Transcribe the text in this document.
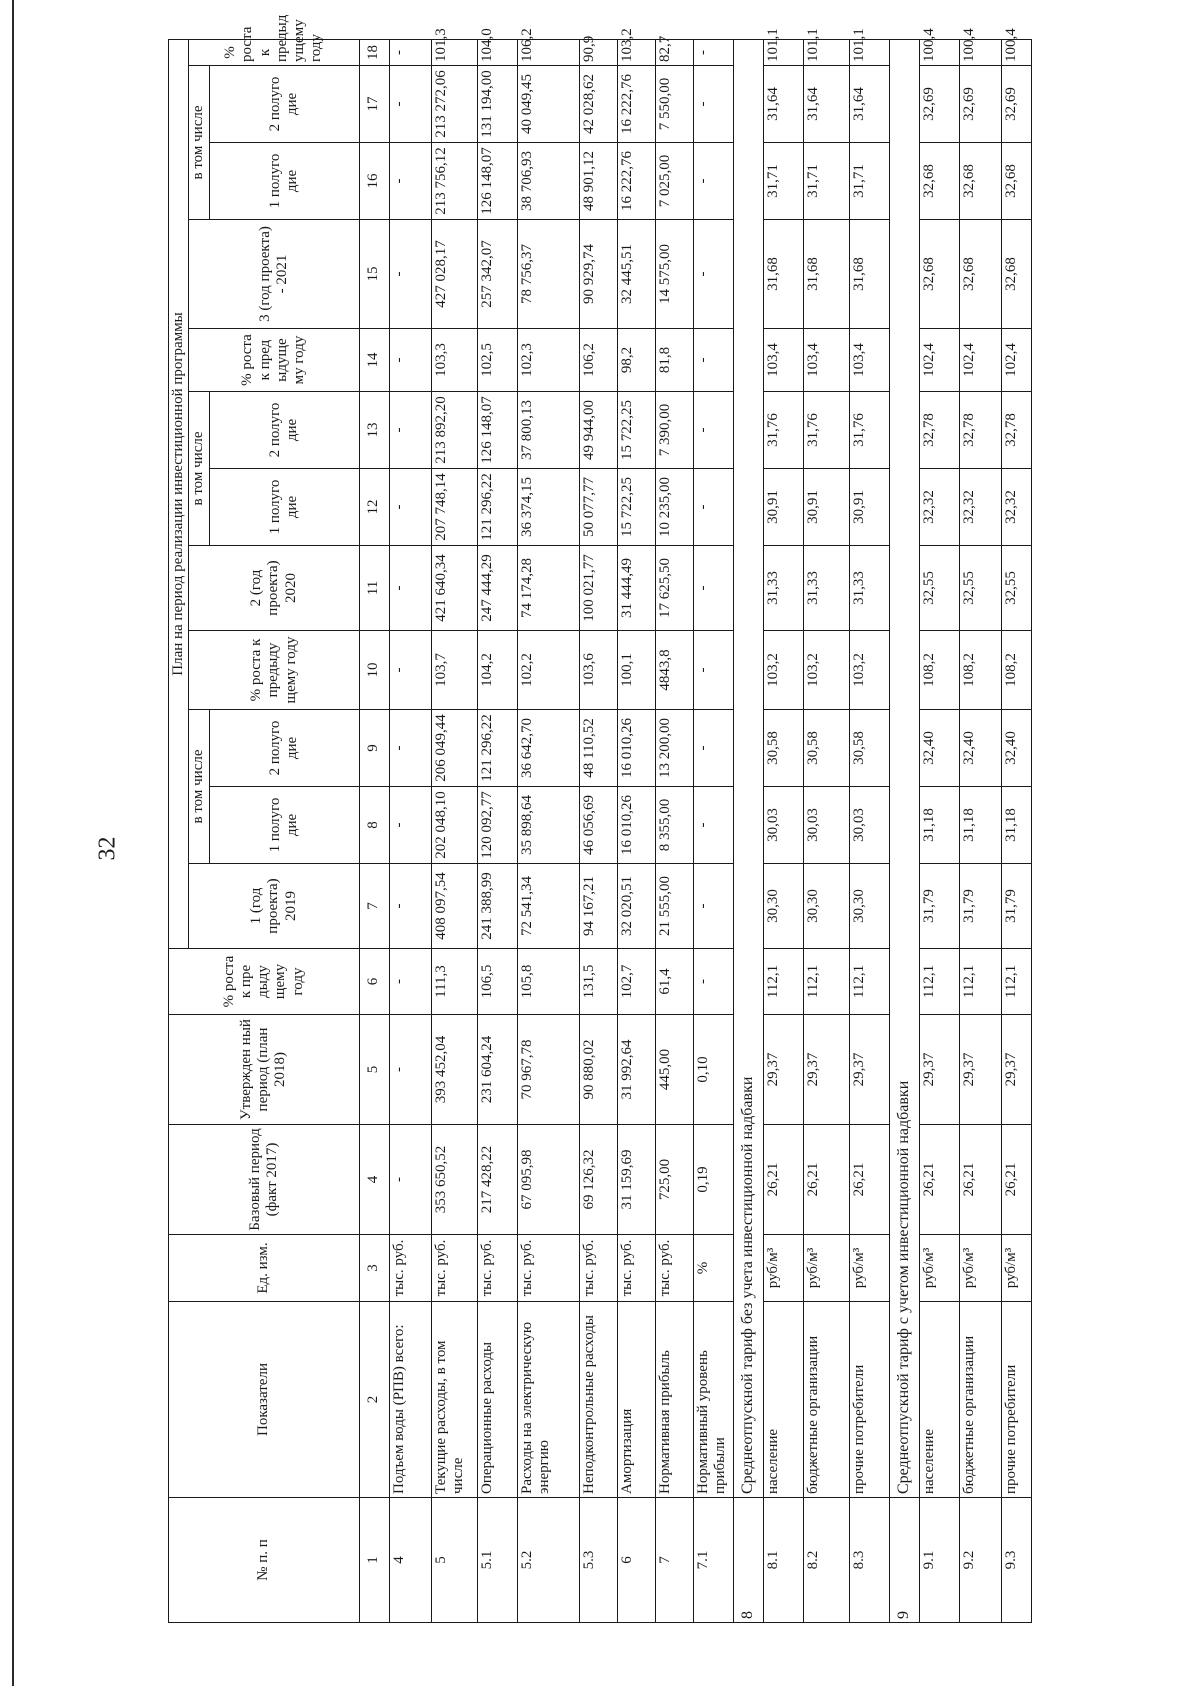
32
№ п. п	Показатели	Ед. изм.	Базовый период (факт 2017)	Утвержден ный период (план 2018)	% роста к пре дыду щему году	План на период реализации инвестиционной программы											
						1 (год проекта) 2019	в том числе		% роста к предыду щему году	2 (год проекта) 2020	в том числе		% роста к пред ыдуще му году	3 (год проекта) - 2021	в том числе		% роста к предыд ущему году
							1 полуго дие	2 полуго дие			1 полуго дие	2 полуго дие			1 полуго дие	2 полуго дие	
1	2	3	4	5	6	7	8	9	10	11	12	13	14	15	16	17	18
4	Подъем воды (РПВ) всего:	тыс. руб.	-	-	-	-	-	-	-	-	-	-	-	-	-	-	-
5	Текущие расходы, в том числе	тыс. руб.	353 650,52	393 452,04	111,3	408 097,54	202 048,10	206 049,44	103,7	421 640,34	207 748,14	213 892,20	103,3	427 028,17	213 756,12	213 272,06	101,3
5.1	Операционные расходы	тыс. руб.	217 428,22	231 604,24	106,5	241 388,99	120 092,77	121 296,22	104,2	247 444,29	121 296,22	126 148,07	102,5	257 342,07	126 148,07	131 194,00	104,0
5.2	Расходы на электрическую энергию	тыс. руб.	67 095,98	70 967,78	105,8	72 541,34	35 898,64	36 642,70	102,2	74 174,28	36 374,15	37 800,13	102,3	78 756,37	38 706,93	40 049,45	106,2
5.3	Неподконтрольные расходы	тыс. руб.	69 126,32	90 880,02	131,5	94 167,21	46 056,69	48 110,52	103,6	100 021,77	50 077,77	49 944,00	106,2	90 929,74	48 901,12	42 028,62	90,9
6	Амортизация	тыс. руб.	31 159,69	31 992,64	102,7	32 020,51	16 010,26	16 010,26	100,1	31 444,49	15 722,25	15 722,25	98,2	32 445,51	16 222,76	16 222,76	103,2
7	Нормативная прибыль	тыс. руб.	725,00	445,00	61,4	21 555,00	8 355,00	13 200,00	4843,8	17 625,50	10 235,00	7 390,00	81,8	14 575,00	7 025,00	7 550,00	82,7
7.1	Нормативный уровень прибыли	%	0,19	0,10	-	-	-	-	-	-	-	-	-	-	-	-	-
8	Среднеотпускной тариф без учета инвестиционной надбавки																
8.1	население	руб/м³	26,21	29,37	112,1	30,30	30,03	30,58	103,2	31,33	30,91	31,76	103,4	31,68	31,71	31,64	101,1
8.2	бюджетные организации	руб/м³	26,21	29,37	112,1	30,30	30,03	30,58	103,2	31,33	30,91	31,76	103,4	31,68	31,71	31,64	101,1
8.3	прочие потребители	руб/м³	26,21	29,37	112,1	30,30	30,03	30,58	103,2	31,33	30,91	31,76	103,4	31,68	31,71	31,64	101,1
9	Среднеотпускной тариф с учетом инвестиционной надбавки																
9.1	население	руб/м³	26,21	29,37	112,1	31,79	31,18	32,40	108,2	32,55	32,32	32,78	102,4	32,68	32,68	32,69	100,4
9.2	бюджетные организации	руб/м³	26,21	29,37	112,1	31,79	31,18	32,40	108,2	32,55	32,32	32,78	102,4	32,68	32,68	32,69	100,4
9.3	прочие потребители	руб/м³	26,21	29,37	112,1	31,79	31,18	32,40	108,2	32,55	32,32	32,78	102,4	32,68	32,68	32,69	100,4
